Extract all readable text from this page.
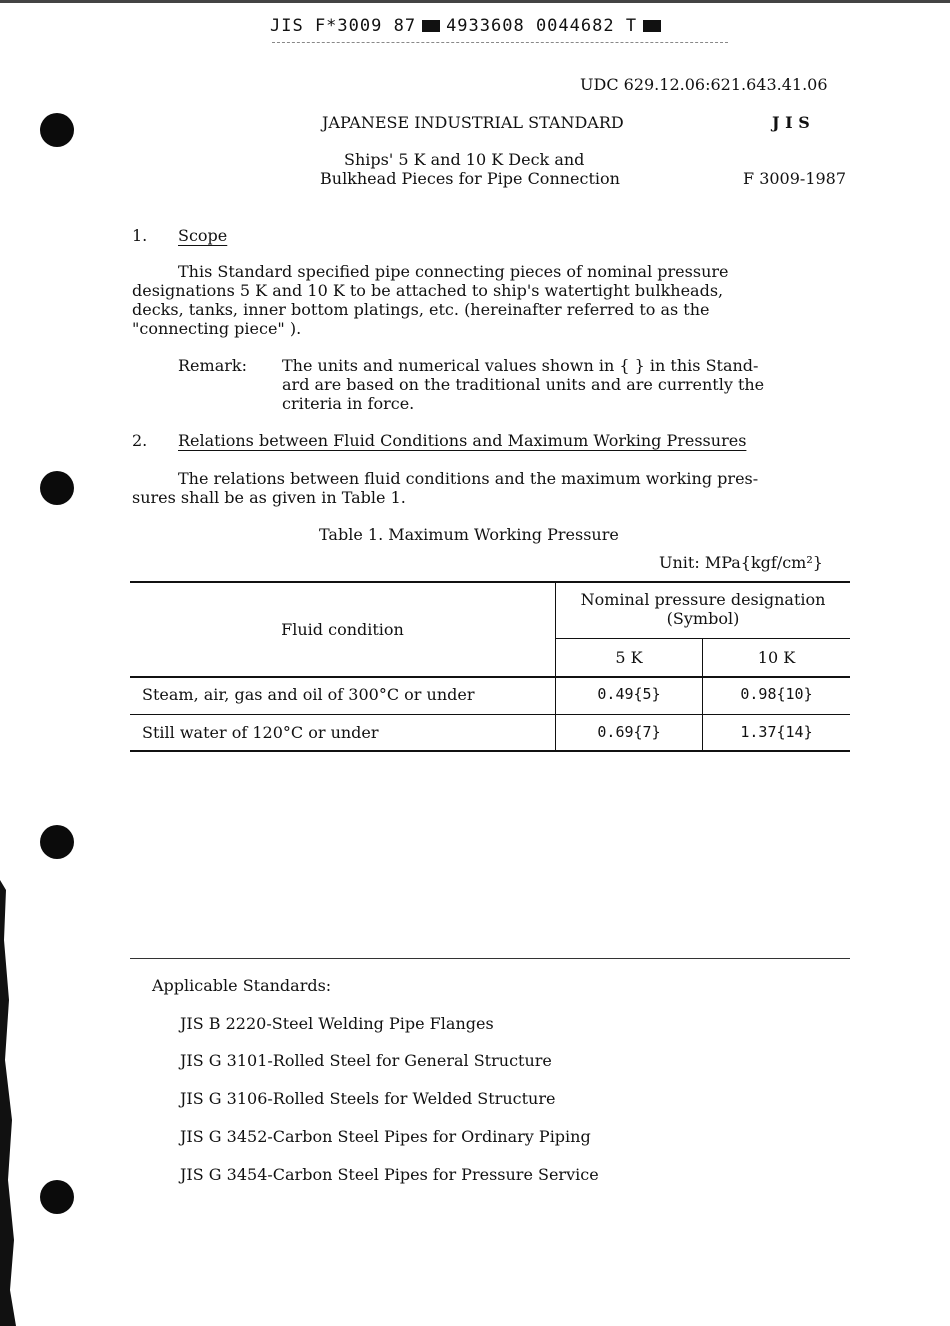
JIS F*3009 87 4933608 0044682 T
UDC 629.12.06:621.643.41.06
JAPANESE INDUSTRIAL STANDARD	J I S
Ships' 5 K and 10 K Deck and
Bulkhead Pieces for Pipe Connection	F 3009-1987
1. Scope
This Standard specified pipe connecting pieces of nominal pressure
designations 5 K and 10 K to be attached to ship's watertight bulkheads,
decks, tanks, inner bottom platings, etc. (hereinafter referred to as the
"connecting piece" ).
Remark: The units and numerical values shown in { } in this Stand-
ard are based on the traditional units and are currently the
criteria in force.
2. Relations between Fluid Conditions and Maximum Working Pressures
The relations between fluid conditions and the maximum working pres-
sures shall be as given in Table 1.
Table 1. Maximum Working Pressure
Unit: MPa{kgf/cm²}
Fluid condition
Nominal pressure designation
(Symbol)
5 K	10 K
Steam, air, gas and oil of 300°C or under	0.49{5}	0.98{10}
Still water of 120°C or under	0.69{7}	1.37{14}
Applicable Standards:
JIS B 2220-Steel Welding Pipe Flanges
JIS G 3101-Rolled Steel for General Structure
JIS G 3106-Rolled Steels for Welded Structure
JIS G 3452-Carbon Steel Pipes for Ordinary Piping
JIS G 3454-Carbon Steel Pipes for Pressure Service
